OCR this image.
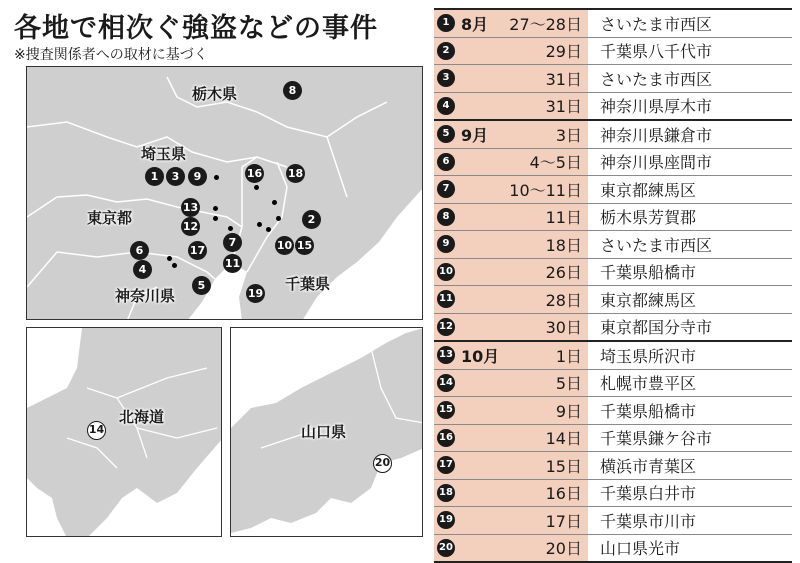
各地で相次ぐ強盗などの事件
※捜査関係者への取材に基づく
栃木県
埼玉県
東京都
神奈川県
千葉県
8
1	3	9
13
12
7
17
11
6
4
5
16 18
2
10 15
19
北海道
14	山口県
20
1 8月 27〜28日 さいたま市西区
2	29日 千葉県八千代市
3	31日 さいたま市西区
4	31日 神奈川県厚木市
5 9月	3日 神奈川県鎌倉市
6	4〜5日 神奈川県座間市
7	10〜11日 東京都練馬区
8	11日 栃木県芳賀郡
9	18日 さいたま市西区
10	26日 千葉県船橋市
11	28日 東京都練馬区
12	30日 東京都国分寺市
13 10月	1日 埼玉県所沢市
14	5日 札幌市豊平区
15	9日 千葉県船橋市
16	14日 千葉県鎌ケ谷市
17	15日 横浜市青葉区
18	16日 千葉県白井市
19	17日 千葉県市川市
20	20日 山口県光市
